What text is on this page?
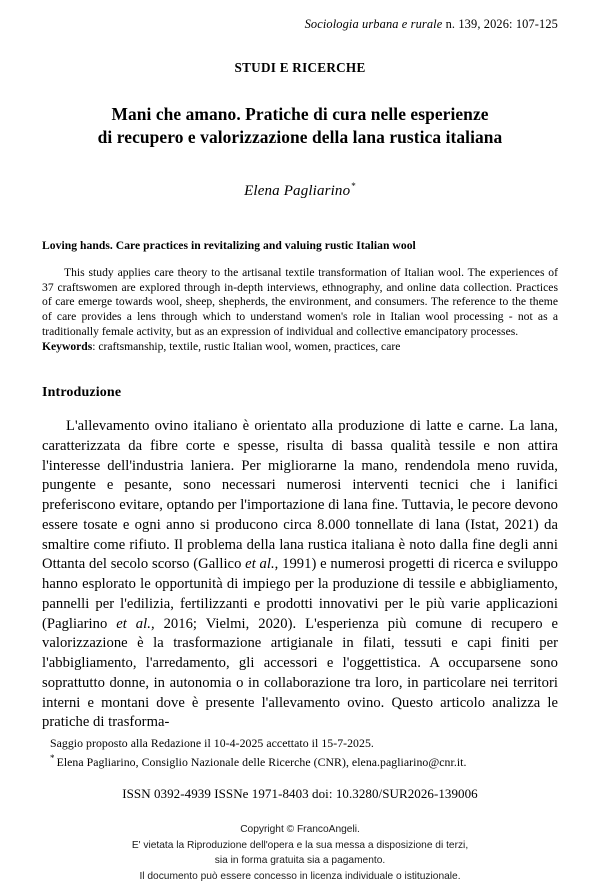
Sociologia urbana e rurale n. 139, 2026: 107-125
STUDI E RICERCHE
Mani che amano. Pratiche di cura nelle esperienze
di recupero e valorizzazione della lana rustica italiana
Elena Pagliarino*
Loving hands. Care practices in revitalizing and valuing rustic Italian wool
This study applies care theory to the artisanal textile transformation of Italian wool. The experiences of 37 craftswomen are explored through in-depth interviews, ethnography, and online data collection. Practices of care emerge towards wool, sheep, shepherds, the environment, and consumers. The reference to the theme of care provides a lens through which to understand women's role in Italian wool processing - not as a traditionally female activity, but as an expression of individual and collective emancipatory processes.
Keywords: craftsmanship, textile, rustic Italian wool, women, practices, care
Introduzione
L'allevamento ovino italiano è orientato alla produzione di latte e carne. La lana, caratterizzata da fibre corte e spesse, risulta di bassa qualità tessile e non attira l'interesse dell'industria laniera. Per migliorarne la mano, rendendola meno ruvida, pungente e pesante, sono necessari numerosi interventi tecnici che i lanifici preferiscono evitare, optando per l'importazione di lana fine. Tuttavia, le pecore devono essere tosate e ogni anno si producono circa 8.000 tonnellate di lana (Istat, 2021) da smaltire come rifiuto. Il problema della lana rustica italiana è noto dalla fine degli anni Ottanta del secolo scorso (Gallico et al., 1991) e numerosi progetti di ricerca e sviluppo hanno esplorato le opportunità di impiego per la produzione di tessile e abbigliamento, pannelli per l'edilizia, fertilizzanti e prodotti innovativi per le più varie applicazioni (Pagliarino et al., 2016; Vielmi, 2020). L'esperienza più comune di recupero e valorizzazione è la trasformazione artigianale in filati, tessuti e capi finiti per l'abbigliamento, l'arredamento, gli accessori e l'oggettistica. A occuparsene sono soprattutto donne, in autonomia o in collaborazione tra loro, in particolare nei territori interni e montani dove è presente l'allevamento ovino. Questo articolo analizza le pratiche di trasforma-
Saggio proposto alla Redazione il 10-4-2025 accettato il 15-7-2025.
* Elena Pagliarino, Consiglio Nazionale delle Ricerche (CNR), elena.pagliarino@cnr.it.
ISSN 0392-4939 ISSNe 1971-8403 doi: 10.3280/SUR2026-139006
Copyright © FrancoAngeli.
E' vietata la Riproduzione dell'opera e la sua messa a disposizione di terzi,
sia in forma gratuita sia a pagamento.
Il documento può essere concesso in licenza individuale o istituzionale.
